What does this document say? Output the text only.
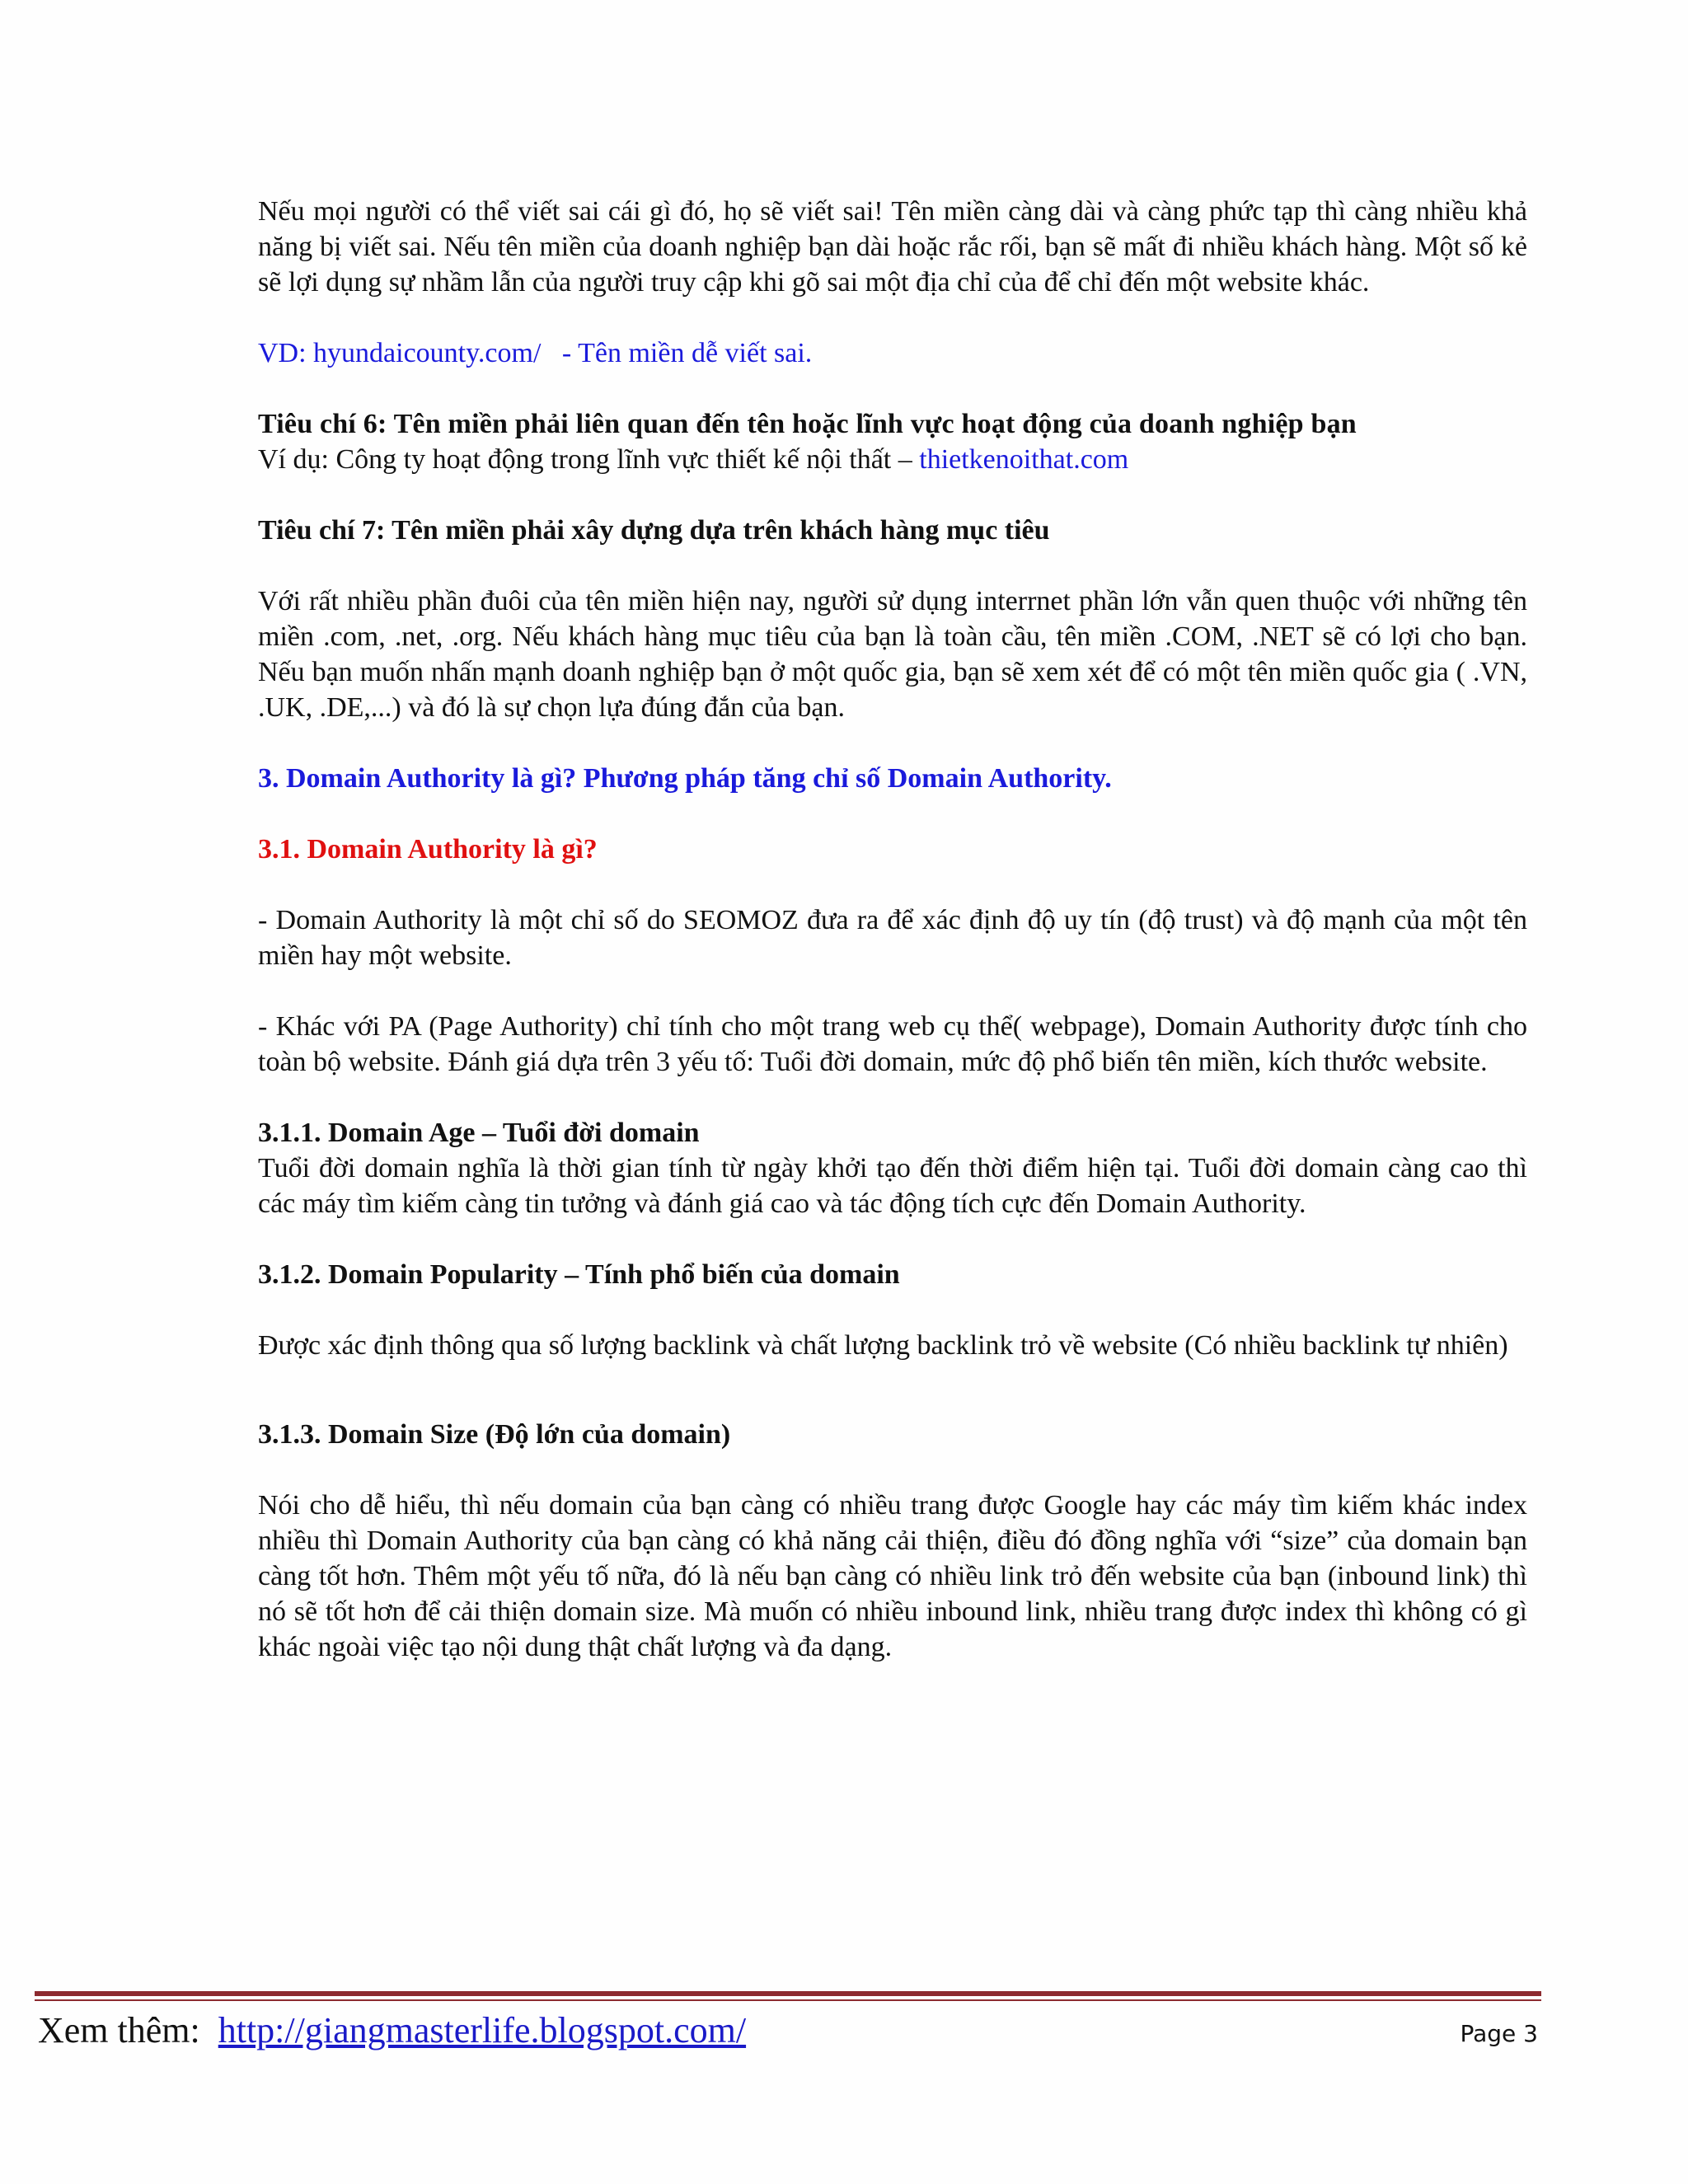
Nếu mọi người có thể viết sai cái gì đó, họ sẽ viết sai! Tên miền càng dài và càng phức tạp thì càng nhiều khả năng bị viết sai. Nếu tên miền của doanh nghiệp bạn dài hoặc rắc rối, bạn sẽ mất đi nhiều khách hàng. Một số kẻ sẽ lợi dụng sự nhầm lẫn của người truy cập khi gõ sai một địa chỉ của để chỉ đến một website khác.

VD: hyundaicounty.com/   - Tên miền dễ viết sai.

Tiêu chí 6: Tên miền phải liên quan đến tên hoặc lĩnh vực hoạt động của doanh nghiệp bạn

Ví dụ: Công ty hoạt động trong lĩnh vực thiết kế nội thất – thietkenoithat.com

Tiêu chí 7: Tên miền phải xây dựng dựa trên khách hàng mục tiêu

Với rất nhiều phần đuôi của tên miền hiện nay, người sử dụng interrnet phần lớn vẫn quen thuộc với những tên miền .com, .net, .org. Nếu khách hàng mục tiêu của bạn là toàn cầu, tên miền .COM, .NET sẽ có lợi cho bạn. Nếu bạn muốn nhấn mạnh doanh nghiệp bạn ở một quốc gia, bạn sẽ xem xét để có một tên miền quốc gia ( .VN, .UK, .DE,...) và đó là sự chọn lựa đúng đắn của bạn.

3. Domain Authority là gì? Phương pháp tăng chỉ số Domain Authority.

3.1. Domain Authority là gì?

- Domain Authority là một chỉ số do SEOMOZ đưa ra để xác định độ uy tín (độ trust) và độ mạnh của một tên miền hay một website.

- Khác với PA (Page Authority) chỉ tính cho một trang web cụ thể( webpage), Domain Authority được tính cho toàn bộ website. Đánh giá dựa trên 3 yếu tố: Tuổi đời domain, mức độ phổ biến tên miền, kích thước website.

3.1.1. Domain Age – Tuổi đời domain

Tuổi đời domain nghĩa là thời gian tính từ ngày khởi tạo đến thời điểm hiện tại. Tuổi đời domain càng cao thì các máy tìm kiếm càng tin tưởng và đánh giá cao và tác động tích cực đến Domain Authority.

3.1.2. Domain Popularity – Tính phổ biến của domain

Được xác định thông qua số lượng backlink và chất lượng backlink trỏ về website (Có nhiều backlink tự nhiên)

3.1.3. Domain Size (Độ lớn của domain)

Nói cho dễ hiểu, thì nếu domain của bạn càng có nhiều trang được Google hay các máy tìm kiếm khác index nhiều thì Domain Authority của bạn càng có khả năng cải thiện, điều đó đồng nghĩa với “size” của domain bạn càng tốt hơn. Thêm một yếu tố nữa, đó là nếu bạn càng có nhiều link trỏ đến website của bạn (inbound link) thì nó sẽ tốt hơn để cải thiện domain size. Mà muốn có nhiều inbound link, nhiều trang được index thì không có gì khác ngoài việc tạo nội dung thật chất lượng và đa dạng.

Xem thêm:  http://giangmasterlife.blogspot.com/	Page 3
